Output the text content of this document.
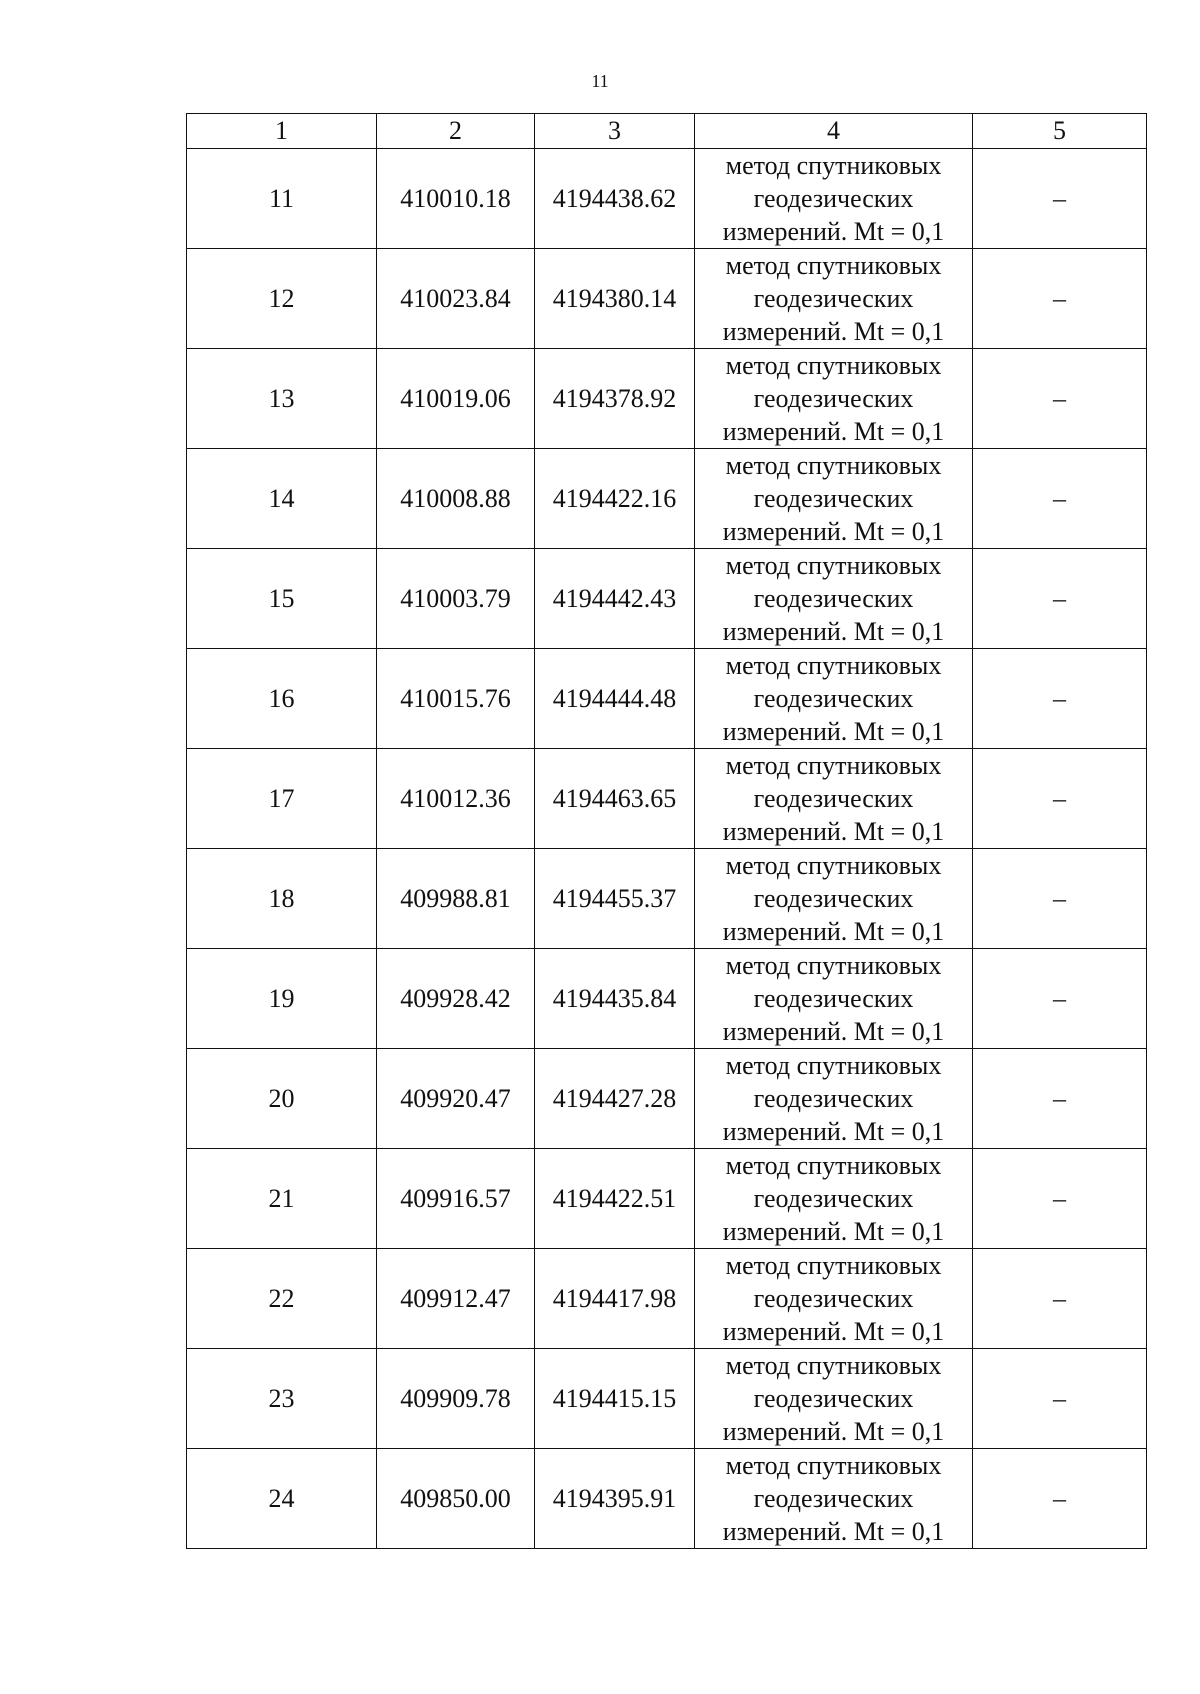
11
1	2	3	4	5
11	410010.18	4194438.62	метод спутниковых
геодезических
измерений. Mt = 0,1	–
12	410023.84	4194380.14	метод спутниковых
геодезических
измерений. Mt = 0,1	–
13	410019.06	4194378.92	метод спутниковых
геодезических
измерений. Mt = 0,1	–
14	410008.88	4194422.16	метод спутниковых
геодезических
измерений. Mt = 0,1	–
15	410003.79	4194442.43	метод спутниковых
геодезических
измерений. Mt = 0,1	–
16	410015.76	4194444.48	метод спутниковых
геодезических
измерений. Mt = 0,1	–
17	410012.36	4194463.65	метод спутниковых
геодезических
измерений. Mt = 0,1	–
18	409988.81	4194455.37	метод спутниковых
геодезических
измерений. Mt = 0,1	–
19	409928.42	4194435.84	метод спутниковых
геодезических
измерений. Mt = 0,1	–
20	409920.47	4194427.28	метод спутниковых
геодезических
измерений. Mt = 0,1	–
21	409916.57	4194422.51	метод спутниковых
геодезических
измерений. Mt = 0,1	–
22	409912.47	4194417.98	метод спутниковых
геодезических
измерений. Mt = 0,1	–
23	409909.78	4194415.15	метод спутниковых
геодезических
измерений. Mt = 0,1	–
24	409850.00	4194395.91	метод спутниковых
геодезических
измерений. Mt = 0,1	–
